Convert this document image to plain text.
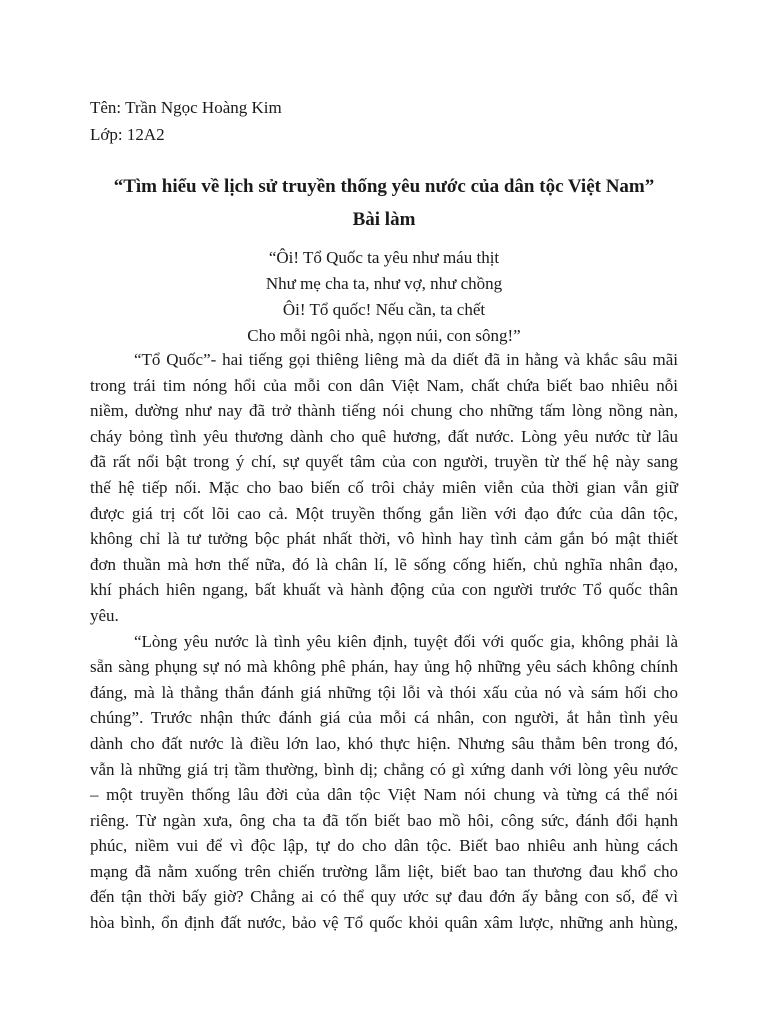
Tên: Trần Ngọc Hoàng Kim
Lớp: 12A2
“Tìm hiểu về lịch sử truyền thống yêu nước của dân tộc Việt Nam”
Bài làm
“Ôi! Tổ Quốc ta yêu như máu thịt
Như mẹ cha ta, như vợ, như chồng
Ôi! Tổ quốc! Nếu cần, ta chết
Cho mỗi ngôi nhà, ngọn núi, con sông!”
“Tổ Quốc”- hai tiếng gọi thiêng liêng mà da diết đã in hằng và khắc sâu mãi
trong trái tim nóng hổi của mỗi con dân Việt Nam, chất chứa biết bao nhiêu nỗi
niềm, dường như nay đã trở thành tiếng nói chung cho những tấm lòng nồng nàn,
cháy bỏng tình yêu thương dành cho quê hương, đất nước. Lòng yêu nước từ lâu
đã rất nổi bật trong ý chí, sự quyết tâm của con người, truyền từ thế hệ này sang
thế hệ tiếp nối. Mặc cho bao biến cố trôi chảy miên viễn của thời gian vẫn giữ
được giá trị cốt lõi cao cả. Một truyền thống gắn liền với đạo đức của dân tộc,
không chỉ là tư tưởng bộc phát nhất thời, vô hình hay tình cảm gắn bó mật thiết
đơn thuần mà hơn thế nữa, đó là chân lí, lẽ sống cống hiến, chủ nghĩa nhân đạo,
khí phách hiên ngang, bất khuất và hành động của con người trước Tổ quốc thân
yêu.
“Lòng yêu nước là tình yêu kiên định, tuyệt đối với quốc gia, không phải là
sẵn sàng phụng sự nó mà không phê phán, hay ủng hộ những yêu sách không chính
đáng, mà là thẳng thắn đánh giá những tội lỗi và thói xấu của nó và sám hối cho
chúng”. Trước nhận thức đánh giá của mỗi cá nhân, con người, ắt hẳn tình yêu
dành cho đất nước là điều lớn lao, khó thực hiện. Nhưng sâu thẳm bên trong đó,
vẫn là những giá trị tầm thường, bình dị; chẳng có gì xứng danh với lòng yêu nước
– một truyền thống lâu đời của dân tộc Việt Nam nói chung và từng cá thể nói
riêng. Từ ngàn xưa, ông cha ta đã tốn biết bao mồ hôi, công sức, đánh đổi hạnh
phúc, niềm vui để vì độc lập, tự do cho dân tộc. Biết bao nhiêu anh hùng cách
mạng đã nằm xuống trên chiến trường lẫm liệt, biết bao tan thương đau khổ cho
đến tận thời bấy giờ? Chẳng ai có thể quy ước sự đau đớn ấy bằng con số, để vì
hòa bình, ổn định đất nước, bảo vệ Tổ quốc khỏi quân xâm lược, những anh hùng,
